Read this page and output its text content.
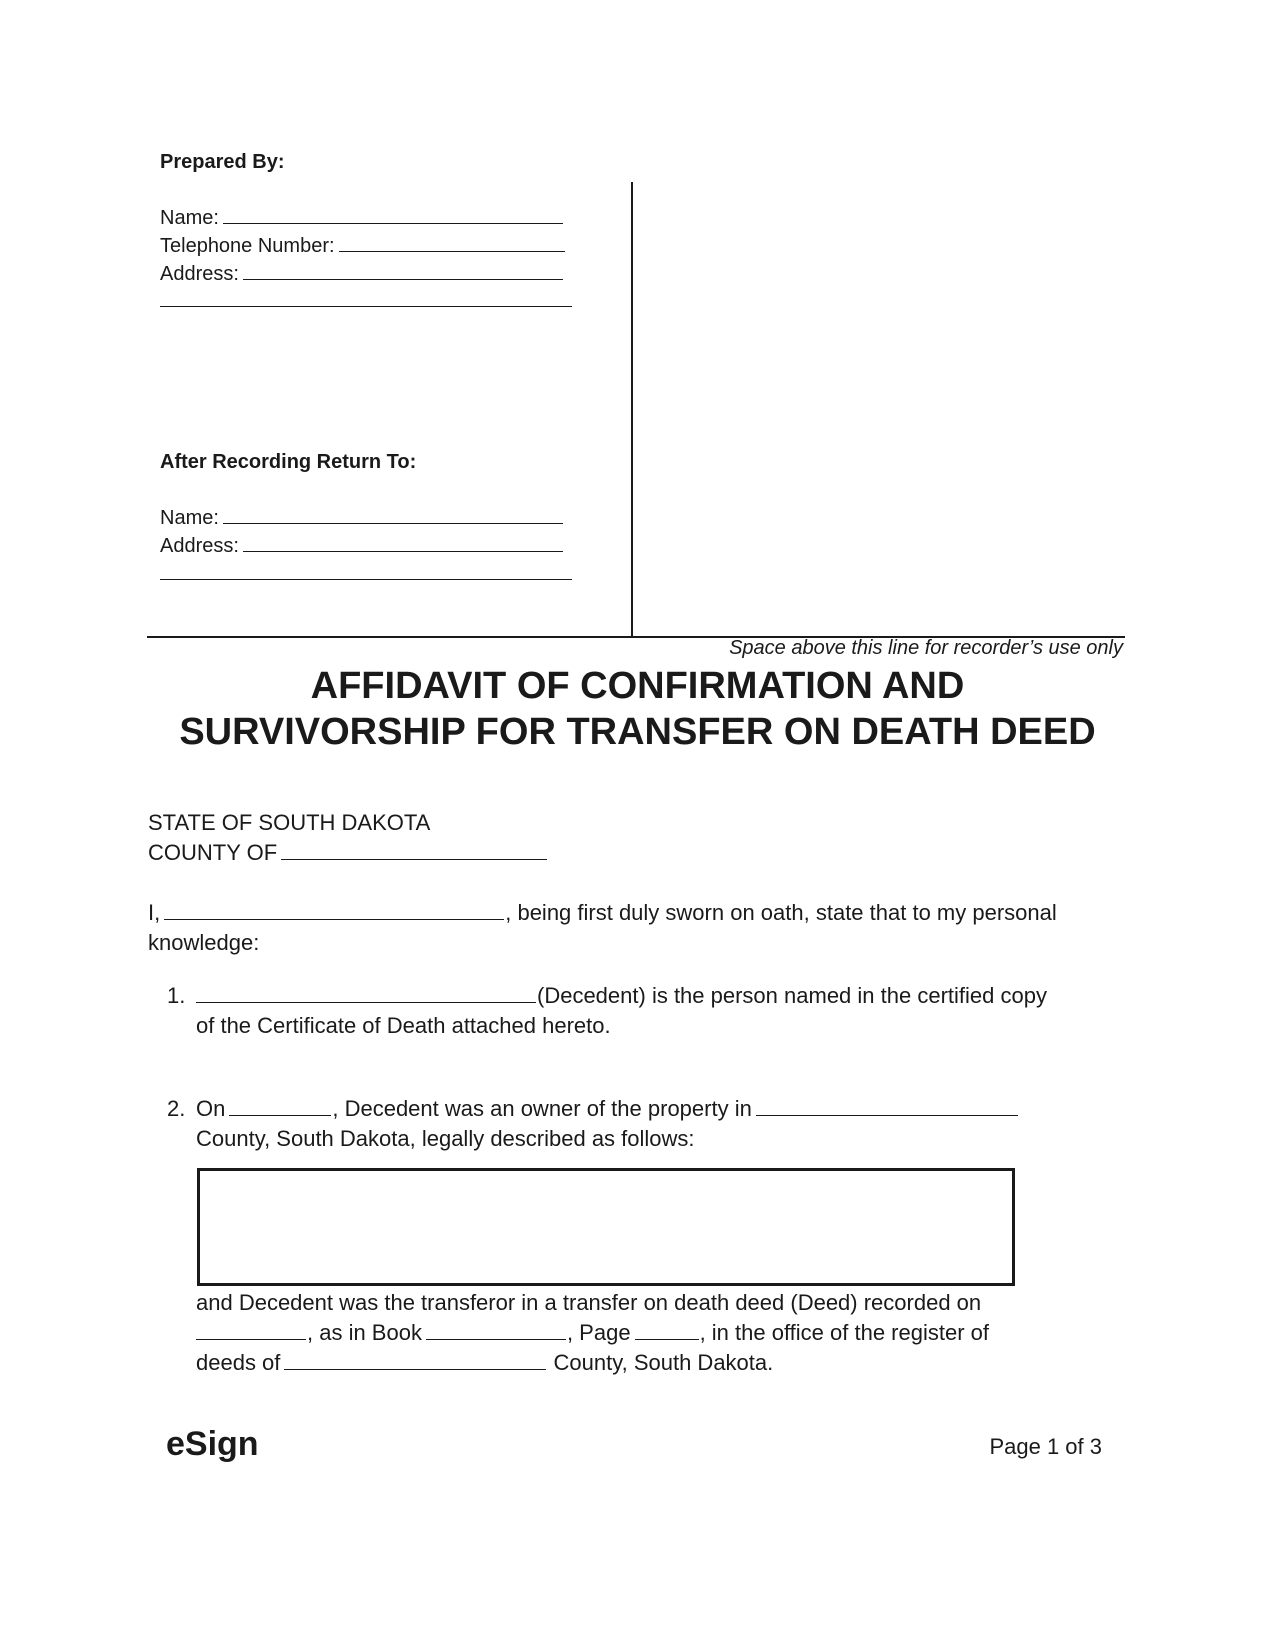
Prepared By:
Name:
Telephone Number:
Address:
After Recording Return To:
Name:
Address:
Space above this line for recorder’s use only
AFFIDAVIT OF CONFIRMATION AND
SURVIVORSHIP FOR TRANSFER ON DEATH DEED
STATE OF SOUTH DAKOTA
COUNTY OF
I,	, being first duly sworn on oath, state that to my personal
knowledge:
1.	(Decedent) is the person named in the certified copy
of the Certificate of Death attached hereto.
2. On	, Decedent was an owner of the property in
County, South Dakota, legally described as follows:
and Decedent was the transferor in a transfer on death deed (Deed) recorded on
, as in Book	, Page	, in the office of the register of
deeds of	County, South Dakota.
eSign	Page 1 of 3
